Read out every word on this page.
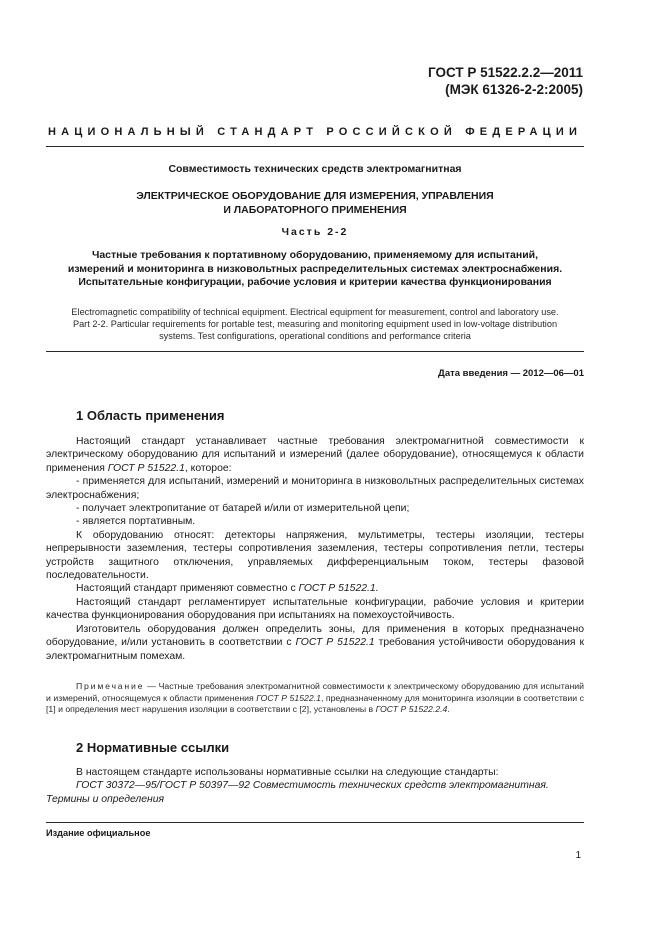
ГОСТ Р 51522.2.2—2011
(МЭК 61326-2-2:2005)
НАЦИОНАЛЬНЫЙ СТАНДАРТ РОССИЙСКОЙ ФЕДЕРАЦИИ
Совместимость технических средств электромагнитная
ЭЛЕКТРИЧЕСКОЕ ОБОРУДОВАНИЕ ДЛЯ ИЗМЕРЕНИЯ, УПРАВЛЕНИЯ
И ЛАБОРАТОРНОГО ПРИМЕНЕНИЯ
Часть 2-2
Частные требования к портативному оборудованию, применяемому для испытаний,
измерений и мониторинга в низковольтных распределительных системах электроснабжения.
Испытательные конфигурации, рабочие условия и критерии качества функционирования
Electromagnetic compatibility of technical equipment. Electrical equipment for measurement, control and laboratory use.
Part 2-2. Particular requirements for portable test, measuring and monitoring equipment used in low-voltage distribution
systems. Test configurations, operational conditions and performance criteria
Дата введения — 2012—06—01
1 Область применения

Настоящий стандарт устанавливает частные требования электромагнитной совместимости к электрическому оборудованию для испытаний и измерений (далее оборудование), относящемуся к области применения ГОСТ Р 51522.1, которое:

- применяется для испытаний, измерений и мониторинга в низковольтных распределительных системах электроснабжения;

- получает электропитание от батарей и/или от измерительной цепи;

- является портативным.

К оборудованию относят: детекторы напряжения, мультиметры, тестеры изоляции, тестеры непрерывности заземления, тестеры сопротивления заземления, тестеры сопротивления петли, тестеры устройств защитного отключения, управляемых дифференциальным током, тестеры фазовой последовательности.

Настоящий стандарт применяют совместно с ГОСТ Р 51522.1.

Настоящий стандарт регламентирует испытательные конфигурации, рабочие условия и критерии качества функционирования оборудования при испытаниях на помехоустойчивость.

Изготовитель оборудования должен определить зоны, для применения в которых предназначено оборудование, и/или установить в соответствии с ГОСТ Р 51522.1 требования устойчивости оборудования к электромагнитным помехам.

Примечание — Частные требования электромагнитной совместимости к электрическому оборудованию для испытаний и измерений, относящемуся к области применения ГОСТ Р 51522.1, предназначенному для мониторинга изоляции в соответствии с [1] и определения мест нарушения изоляции в соответствии с [2], установлены в ГОСТ Р 51522.2.4.
2 Нормативные ссылки

В настоящем стандарте использованы нормативные ссылки на следующие стандарты:

ГОСТ 30372—95/ГОСТ Р 50397—92 Совместимость технических средств электромагнитная.

Термины и определения

Издание официальное
1
